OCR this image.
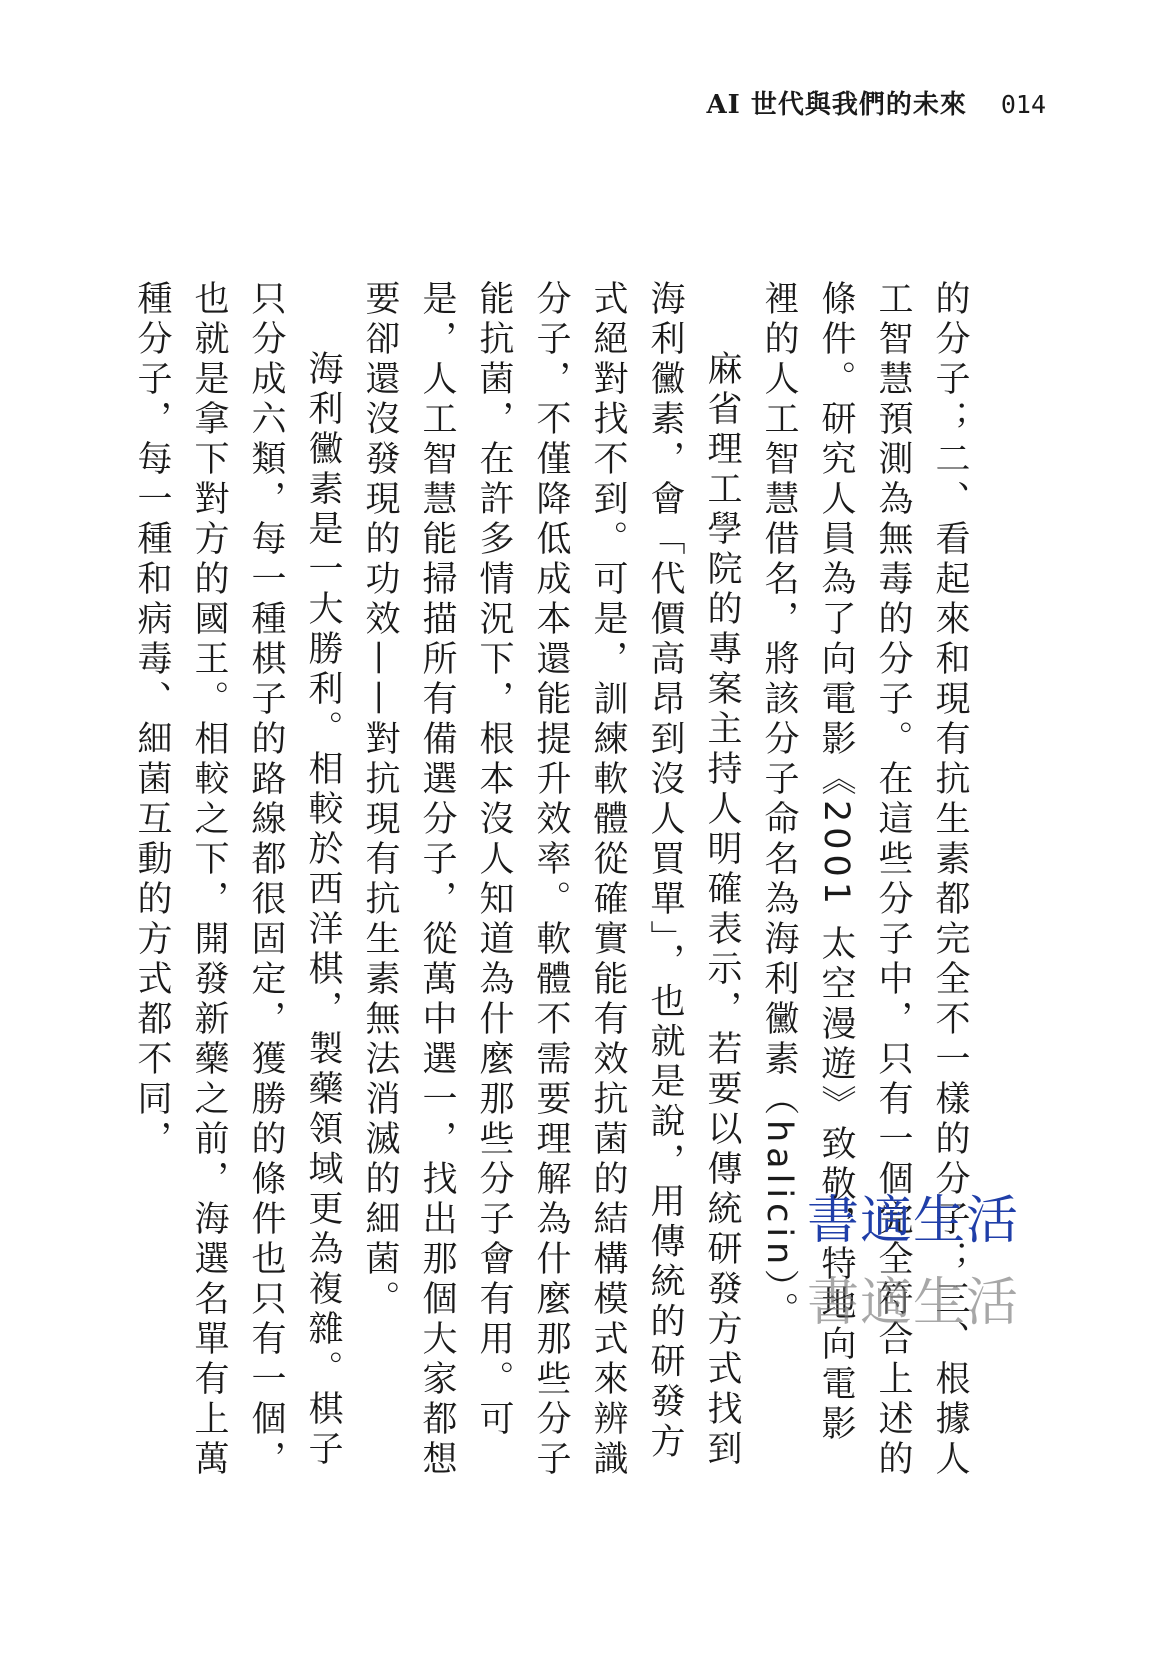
AI 世代與我們的未來 014

的分子；二、看起來和現有抗生素都完全不一樣的分子；三、根據人工智慧預測為無毒的分子。在這些分子中，只有一個完全符合上述的條件。研究人員為了向電影《2001 太空漫遊》致敬，特地向電影裡的人工智慧借名，將該分子命名為海利黴素（halicin）。

麻省理工學院的專案主持人明確表示，若要以傳統研發方式找到海利黴素，會「代價高昂到沒人買單」，也就是說，用傳統的研發方式絕對找不到。可是，訓練軟體從確實能有效抗菌的結構模式來辨識分子，不僅降低成本還能提升效率。軟體不需要理解為什麼那些分子能抗菌，在許多情況下，根本沒人知道為什麼那些分子會有用。可是，人工智慧能掃描所有備選分子，從萬中選一，找出那個大家都想要卻還沒發現的功效——對抗現有抗生素無法消滅的細菌。

海利黴素是一大勝利。相較於西洋棋，製藥領域更為複雜。棋子只分成六類，每一種棋子的路線都很固定，獲勝的條件也只有一個，也就是拿下對方的國王。相較之下，開發新藥之前，海選名單有上萬種分子，每一種和病毒、細菌互動的方式都不同，

書適生活
書適生活
